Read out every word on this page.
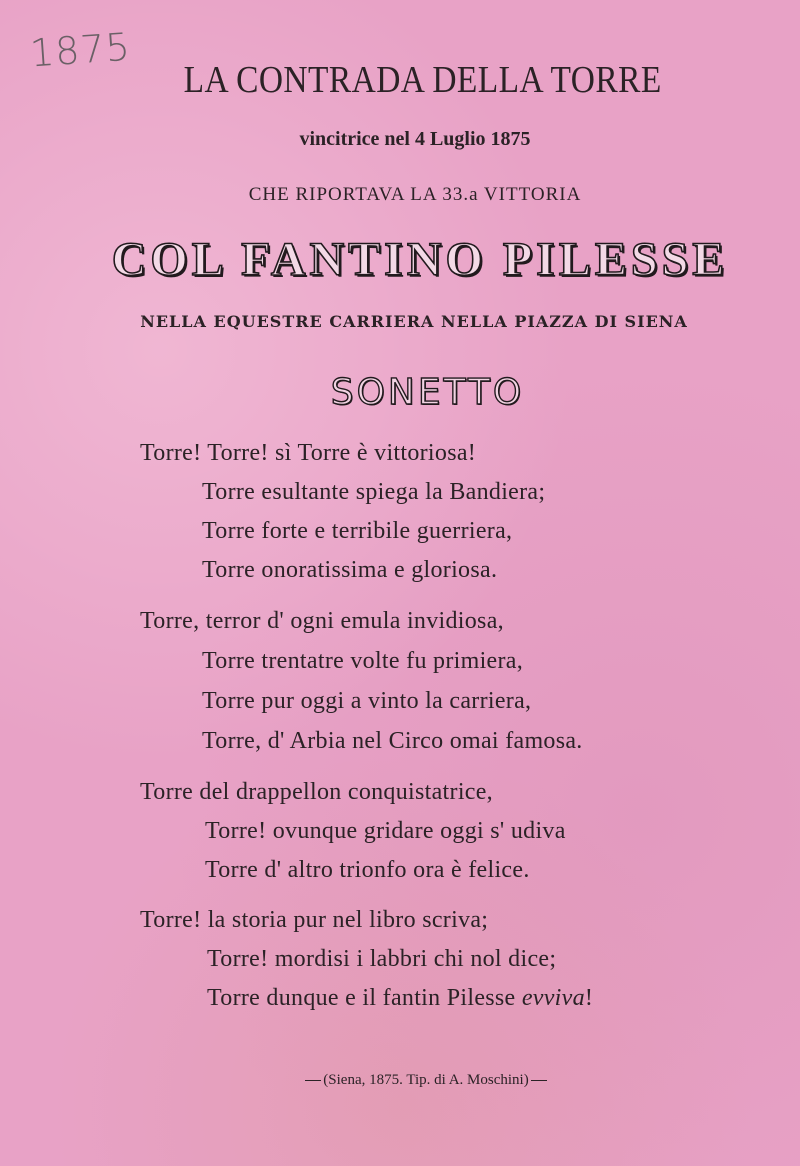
1875
LA CONTRADA DELLA TORRE
vincitrice nel 4 Luglio 1875
CHE RIPORTAVA LA 33.a VITTORIA
COL FANTINO PILESSE
NELLA EQUESTRE CARRIERA NELLA PIAZZA DI SIENA
SONETTO
Torre! Torre! sì Torre è vittoriosa!
Torre esultante spiega la Bandiera;
Torre forte e terribile guerriera,
Torre onoratissima e gloriosa.
Torre, terror d' ogni emula invidiosa,
Torre trentatre volte fu primiera,
Torre pur oggi a vinto la carriera,
Torre, d' Arbia nel Circo omai famosa.
Torre del drappellon conquistatrice,
Torre! ovunque gridare oggi s' udiva
Torre d' altro trionfo ora è felice.
Torre! la storia pur nel libro scriva;
Torre! mordisi i labbri chi nol dice;
Torre dunque e il fantin Pilesse evviva!
(Siena, 1875. Tip. di A. Moschini)
